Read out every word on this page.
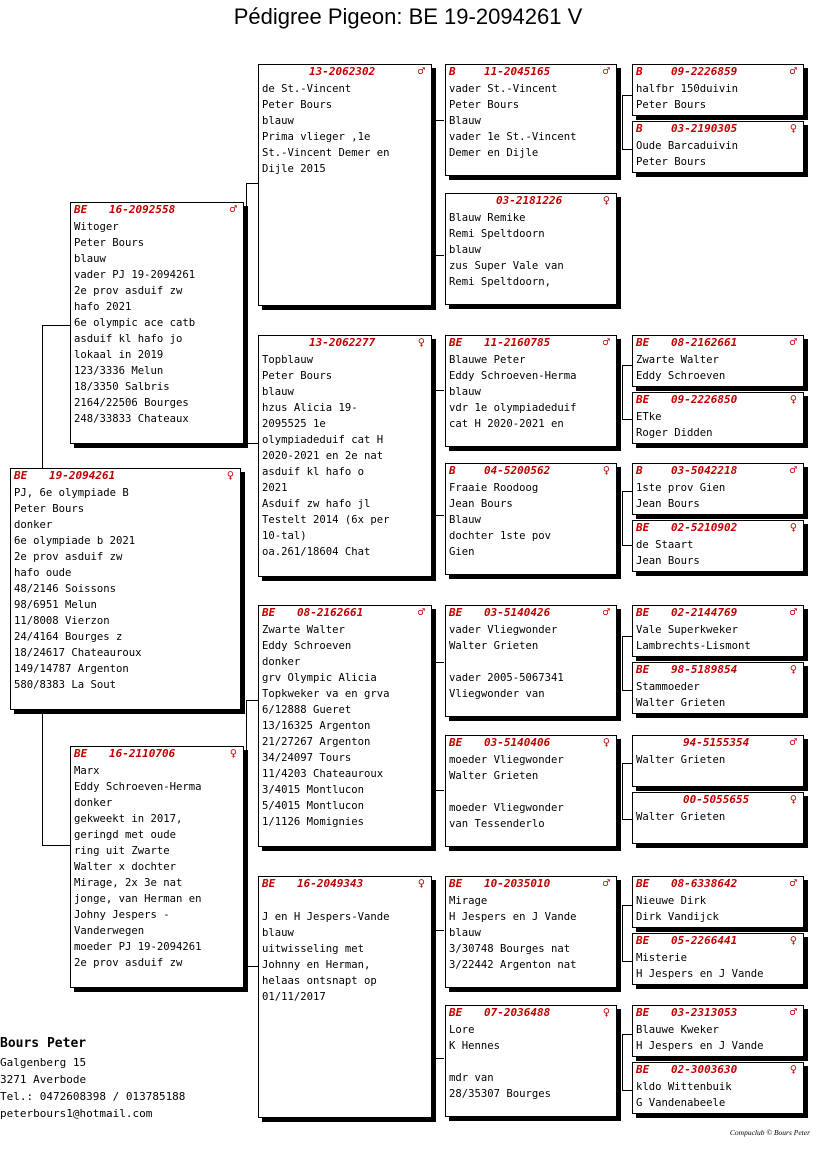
Pédigree Pigeon: BE 19-2094261 V
BE 19-2094261	♀
PJ, 6e olympiade B
Peter Bours
donker
6e olympiade b 2021
2e prov asduif zw
hafo oude
48/2146 Soissons
98/6951 Melun
11/8008 Vierzon
24/4164 Bourges z
18/24617 Chateauroux
149/14787 Argenton
580/8383 La Sout
BE 16-2092558	♂
Witoger
Peter Bours
blauw
vader PJ 19-2094261
2e prov asduif zw
hafo 2021
6e olympic ace catb
asduif kl hafo jo
lokaal in 2019
123/3336 Melun
18/3350 Salbris
2164/22506 Bourges
248/33833 Chateaux
BE 16-2110706	♀
Marx
Eddy Schroeven-Herma
donker
gekweekt in 2017,
geringd met oude
ring uit Zwarte
Walter x dochter
Mirage, 2x 3e nat
jonge, van Herman en
Johny Jespers -
Vanderwegen
moeder PJ 19-2094261
2e prov asduif zw
13-2062302	♂
de St.-Vincent
Peter Bours
blauw
Prima vlieger ,1e
St.-Vincent Demer en
Dijle 2015
13-2062277	♀
Topblauw
Peter Bours
blauw
hzus Alicia 19-
2095525 1e
olympiadeduif cat H
2020-2021 en 2e nat
asduif kl hafo o
2021
Asduif zw hafo jl
Testelt 2014 (6x per
10-tal)
oa.261/18604 Chat
BE 08-2162661	♂
Zwarte Walter
Eddy Schroeven
donker
grv Olympic Alicia
Topkweker va en grva
6/12888 Gueret
13/16325 Argenton
21/27267 Argenton
34/24097 Tours
11/4203 Chateauroux
3/4015 Montlucon
5/4015 Montlucon
1/1126 Momignies
BE 16-2049343	♀
J en H Jespers-Vande
blauw
uitwisseling met
Johnny en Herman,
helaas ontsnapt op
01/11/2017
B	11-2045165	♂
vader St.-Vincent
Peter Bours
Blauw
vader 1e St.-Vincent
Demer en Dijle
03-2181226	♀
Blauw Remike
Remi Speltdoorn
blauw
zus Super Vale van
Remi Speltdoorn,
BE 11-2160785	♂
Blauwe Peter
Eddy Schroeven-Herma
blauw
vdr 1e olympiadeduif
cat H 2020-2021 en
B	04-5200562	♀
Fraaie Roodoog
Jean Bours
Blauw
dochter 1ste pov
Gien
BE 03-5140426	♂
vader Vliegwonder
Walter Grieten
vader 2005-5067341
Vliegwonder van
BE 03-5140406	♀
moeder Vliegwonder
Walter Grieten
moeder Vliegwonder
van Tessenderlo
BE 10-2035010	♂
Mirage
H Jespers en J Vande
blauw
3/30748 Bourges nat
3/22442 Argenton nat
BE 07-2036488	♀
Lore
K Hennes
mdr van
28/35307 Bourges
B	09-2226859	♂
halfbr 150duivin
Peter Bours
B	03-2190305	♀
Oude Barcaduivin
Peter Bours
BE 08-2162661	♂
Zwarte Walter
Eddy Schroeven
BE 09-2226850	♀
ETke
Roger Didden
B	03-5042218	♂
1ste prov Gien
Jean Bours
BE 02-5210902	♀
de Staart
Jean Bours
BE 02-2144769	♂
Vale Superkweker
Lambrechts-Lismont
BE 98-5189854	♀
Stammoeder
Walter Grieten
94-5155354	♂
Walter Grieten
00-5055655	♀
Walter Grieten
BE 08-6338642	♂
Nieuwe Dirk
Dirk Vandijck
BE 05-2266441	♀
Misterie
H Jespers en J Vande
BE 03-2313053	♂
Blauwe Kweker
H Jespers en J Vande
BE 02-3003630	♀
kldo Wittenbuik
G Vandenabeele
Bours Peter
Galgenberg 15
3271 Averbode
Tel.: 0472608398 / 013785188
peterbours1@hotmail.com
Compuclub © Bours Peter
